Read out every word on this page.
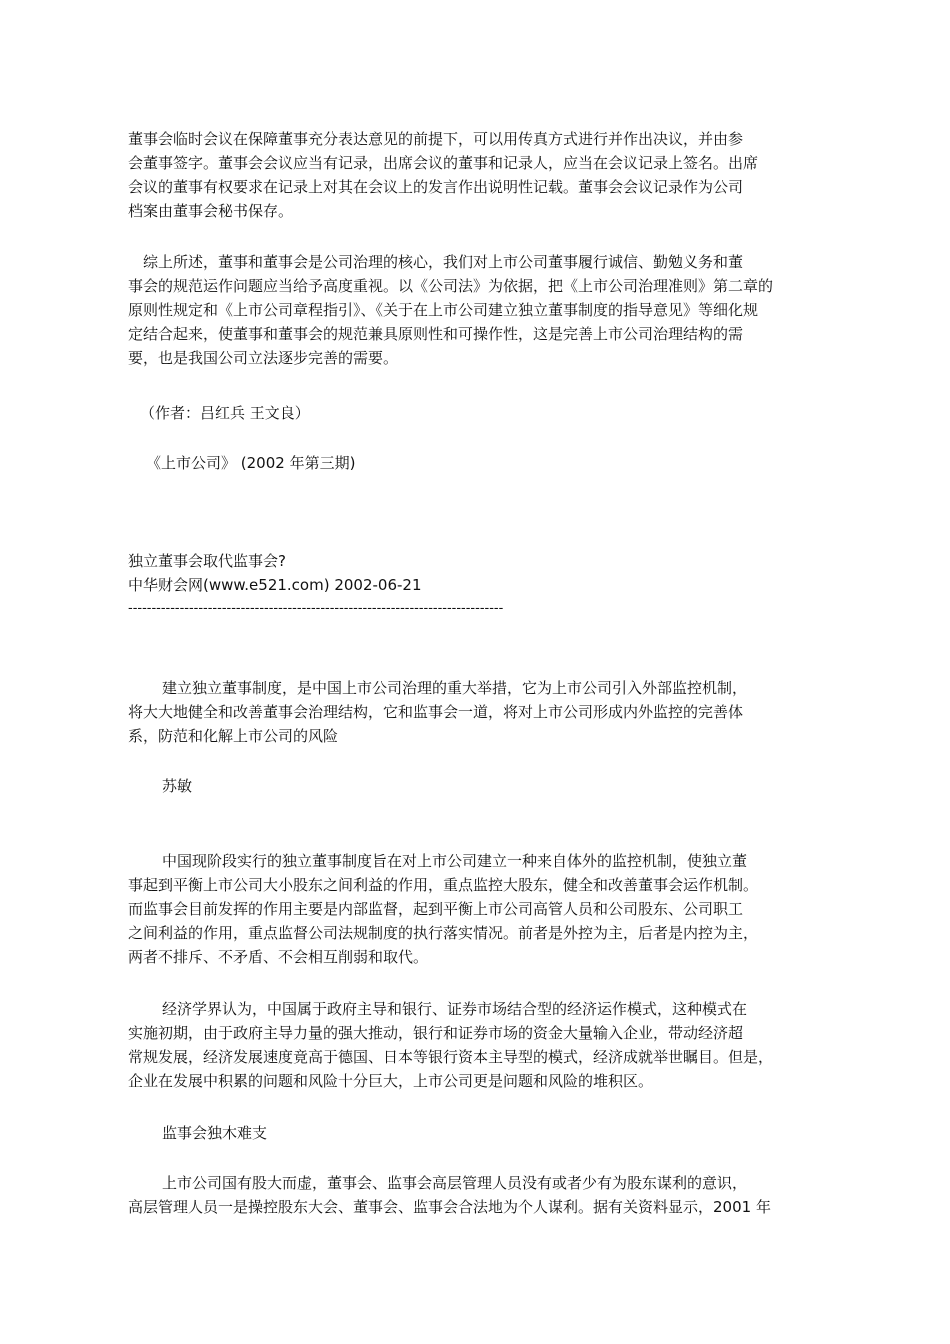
董事会临时会议在保障董事充分表达意见的前提下，可以用传真方式进行并作出决议，并由参
会董事签字。董事会会议应当有记录，出席会议的董事和记录人，应当在会议记录上签名。出席
会议的董事有权要求在记录上对其在会议上的发言作出说明性记载。董事会会议记录作为公司
档案由董事会秘书保存。
　综上所述，董事和董事会是公司治理的核心，我们对上市公司董事履行诚信、勤勉义务和董
事会的规范运作问题应当给予高度重视。以《公司法》为依据，把《上市公司治理准则》第二章的
原则性规定和《上市公司章程指引》、《关于在上市公司建立独立董事制度的指导意见》等细化规
定结合起来，使董事和董事会的规范兼具原则性和可操作性，这是完善上市公司治理结构的需
要，也是我国公司立法逐步完善的需要。
（作者：吕红兵 王文良）
《上市公司》 (2002 年第三期)
独立董事会取代监事会?
中华财会网(www.e521.com) 2002-06-21
--------------------------------------------------------------------------------
建立独立董事制度，是中国上市公司治理的重大举措，它为上市公司引入外部监控机制，
将大大地健全和改善董事会治理结构，它和监事会一道，将对上市公司形成内外监控的完善体
系，防范和化解上市公司的风险
苏敏
中国现阶段实行的独立董事制度旨在对上市公司建立一种来自体外的监控机制，使独立董
事起到平衡上市公司大小股东之间利益的作用，重点监控大股东，健全和改善董事会运作机制。
而监事会目前发挥的作用主要是内部监督，起到平衡上市公司高管人员和公司股东、公司职工
之间利益的作用，重点监督公司法规制度的执行落实情况。前者是外控为主，后者是内控为主，
两者不排斥、不矛盾、不会相互削弱和取代。
经济学界认为，中国属于政府主导和银行、证券市场结合型的经济运作模式，这种模式在
实施初期，由于政府主导力量的强大推动，银行和证券市场的资金大量输入企业，带动经济超
常规发展，经济发展速度竟高于德国、日本等银行资本主导型的模式，经济成就举世瞩目。但是，
企业在发展中积累的问题和风险十分巨大，上市公司更是问题和风险的堆积区。
监事会独木难支
上市公司国有股大而虚，董事会、监事会高层管理人员没有或者少有为股东谋利的意识，
高层管理人员一是操控股东大会、董事会、监事会合法地为个人谋利。据有关资料显示，2001 年
